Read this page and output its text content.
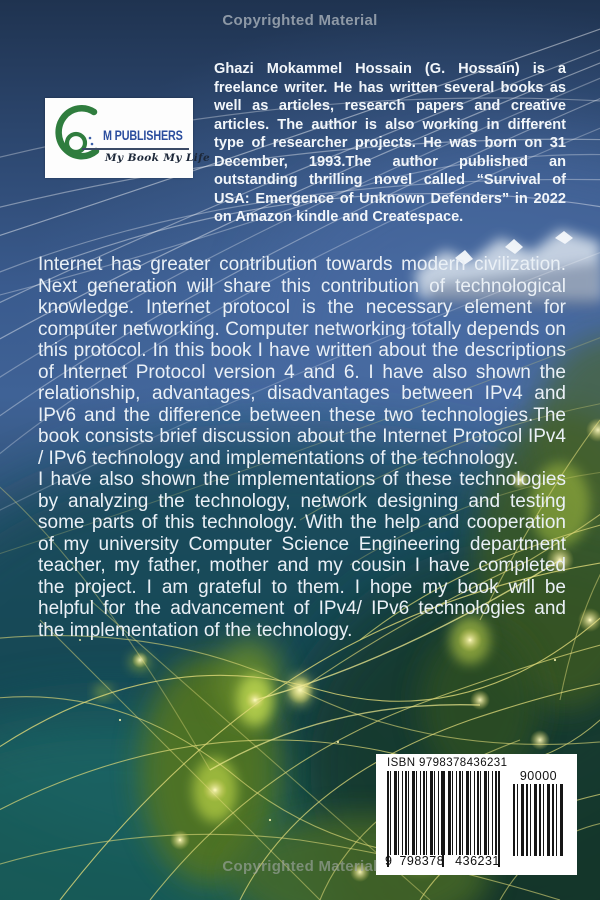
Copyrighted Material
M PUBLISHERS
My Book My Life

Ghazi Mokammel Hossain (G. Hossain) is a freelance writer. He has written several books as well as articles, research papers and creative articles. The author is also working in different type of researcher projects. He was born on 31 December, 1993.The author published an outstanding thrilling novel called “Survival of USA: Emergence of Unknown Defenders” in 2022 on Amazon kindle and Createspace.

Internet has greater contribution towards modern civilization. Next generation will share this contribution of technological knowledge. Internet protocol is the necessary element for computer networking. Computer networking totally depends on this protocol. In this book I have written about the descriptions of Internet Protocol version 4 and 6. I have also shown the relationship, advantages, disadvantages between IPv4 and IPv6 and the difference between these two technologies.The book consists brief discussion about the Internet Protocol IPv4 / IPv6 technology and implementations of the technology.

I have also shown the implementations of these technologies by analyzing the technology, network designing and testing some parts of this technology. With the help and cooperation of my university Computer Science Engineering department teacher, my father, mother and my cousin I have completed the project. I am grateful to them. I hope my book will be helpful for the advancement of IPv4/ IPv6 technologies and the implementation of the technology.

ISBN 9798378436231
9 798378 436231
90000
Copyrighted Material
